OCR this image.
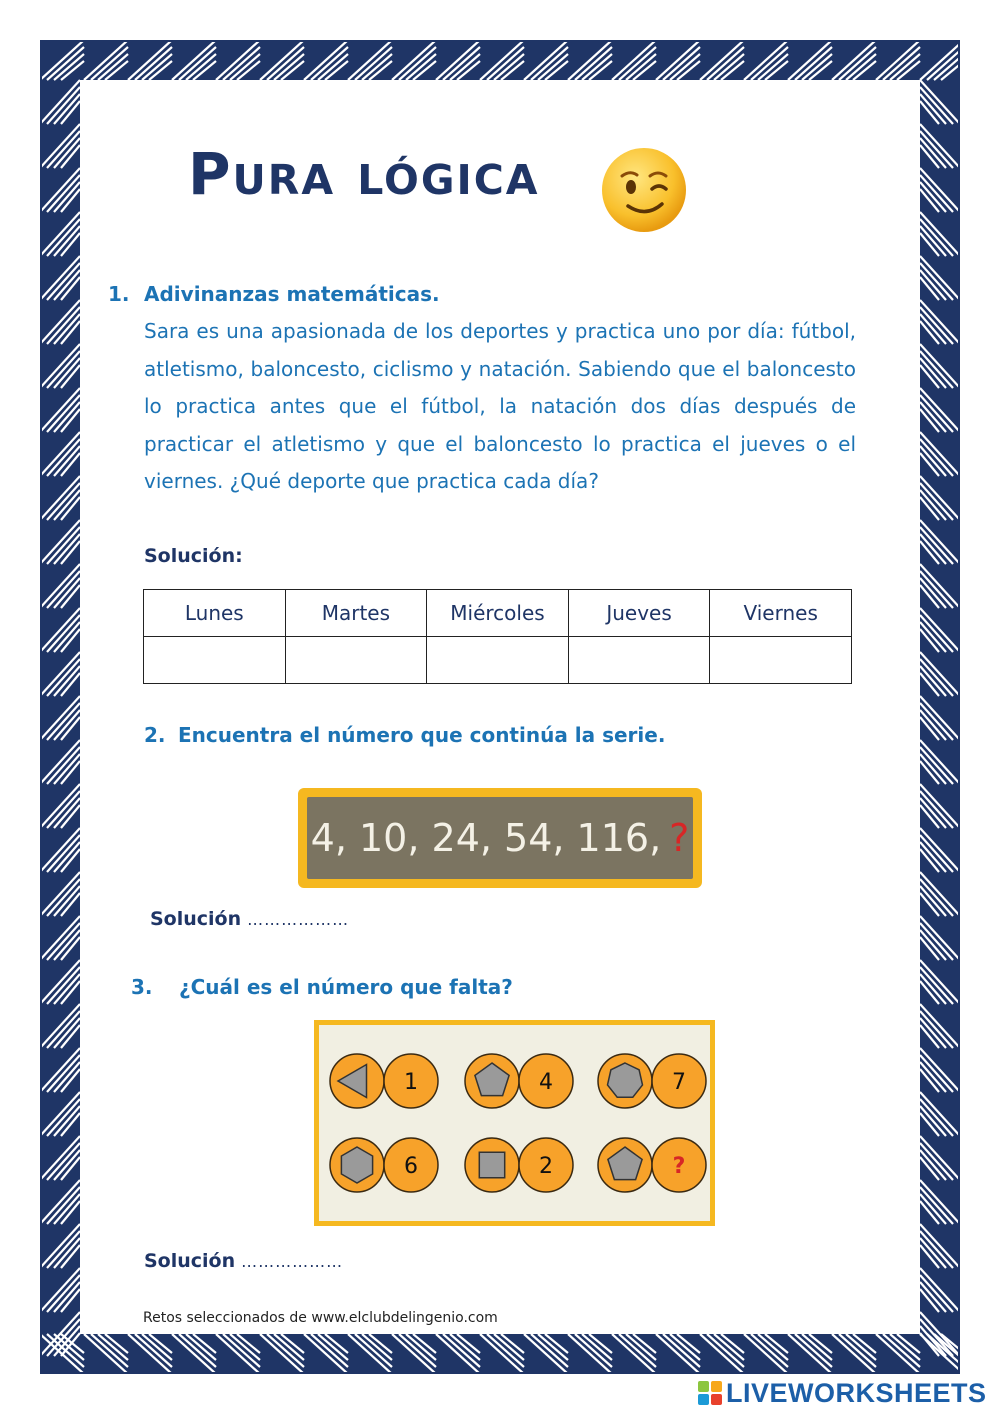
Pura lógica
1. Adivinanzas matemáticas.
Sara es una apasionada de los deportes y practica uno por día: fútbol, atletismo, baloncesto, ciclismo y natación. Sabiendo que el baloncesto lo practica antes que el fútbol, la natación dos días después de practicar el atletismo y que el baloncesto lo practica el jueves o el viernes. ¿Qué deporte que practica cada día?
Solución:
Lunes	Martes	Miércoles	Jueves	Viernes

2. Encuentra el número que continúa la serie.
4, 10, 24, 54, 116, ?
Solución ………………
3. ¿Cuál es el número que falta?
1	4	7
6	2	?
Solución ………………
Retos seleccionados de www.elclubdelingenio.com
LIVEWORKSHEETS
